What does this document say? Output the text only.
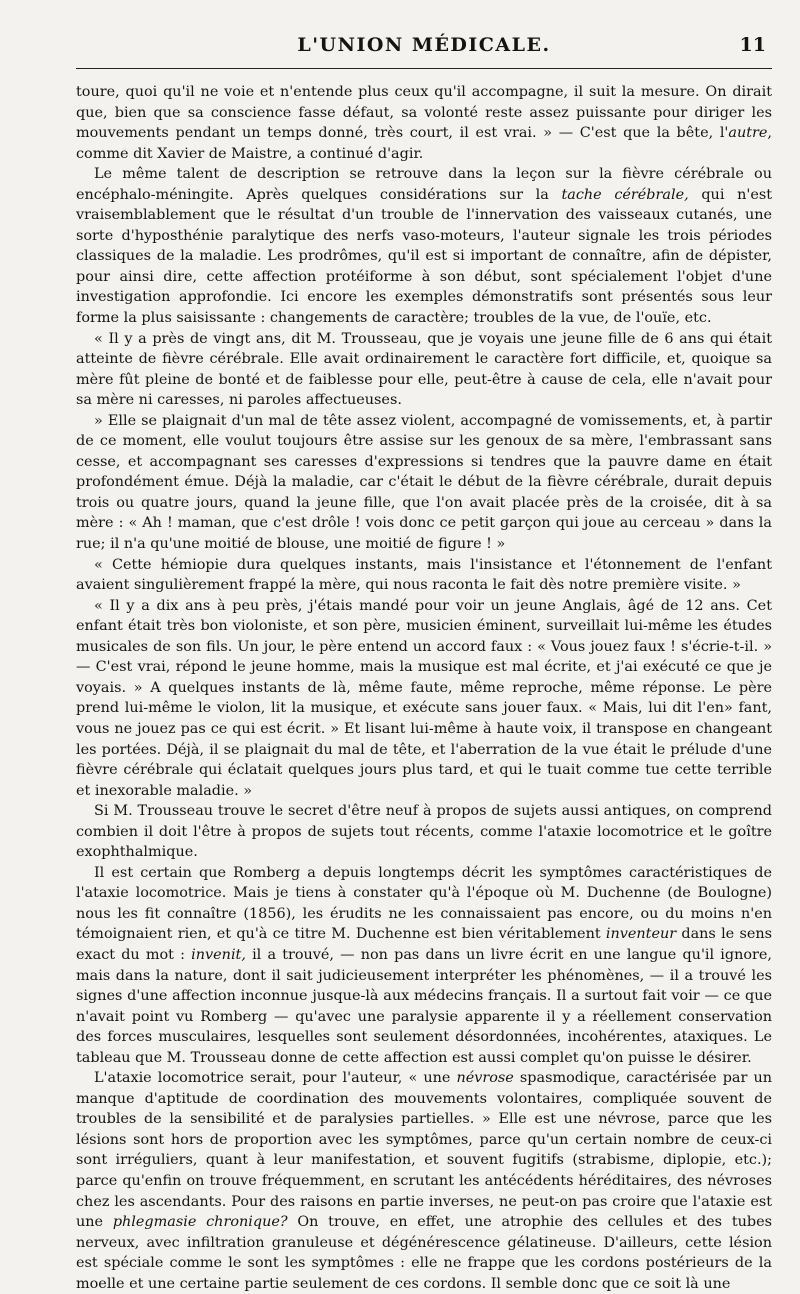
L'UNION MÉDICALE.	11

toure, quoi qu'il ne voie et n'entende plus ceux qu'il accompagne, il suit la mesure. On dirait que, bien que sa conscience fasse défaut, sa volonté reste assez puissante pour diriger les mouvements pendant un temps donné, très court, il est vrai. » — C'est que la bête, l'autre, comme dit Xavier de Maistre, a continué d'agir.

Le même talent de description se retrouve dans la leçon sur la fièvre cérébrale ou encéphalo-méningite. Après quelques considérations sur la tache cérébrale, qui n'est vraisemblablement que le résultat d'un trouble de l'innervation des vaisseaux cutanés, une sorte d'hyposthénie paralytique des nerfs vaso-moteurs, l'auteur signale les trois périodes classiques de la maladie. Les prodrômes, qu'il est si important de connaître, afin de dépister, pour ainsi dire, cette affection protéiforme à son début, sont spécialement l'objet d'une investigation approfondie. Ici encore les exemples démonstratifs sont présentés sous leur forme la plus saisissante : changements de caractère; troubles de la vue, de l'ouïe, etc.

« Il y a près de vingt ans, dit M. Trousseau, que je voyais une jeune fille de 6 ans qui était atteinte de fièvre cérébrale. Elle avait ordinairement le caractère fort difficile, et, quoique sa mère fût pleine de bonté et de faiblesse pour elle, peut-être à cause de cela, elle n'avait pour sa mère ni caresses, ni paroles affectueuses.

» Elle se plaignait d'un mal de tête assez violent, accompagné de vomissements, et, à partir de ce moment, elle voulut toujours être assise sur les genoux de sa mère, l'embrassant sans cesse, et accompagnant ses caresses d'expressions si tendres que la pauvre dame en était profondément émue. Déjà la maladie, car c'était le début de la fièvre cérébrale, durait depuis trois ou quatre jours, quand la jeune fille, que l'on avait placée près de la croisée, dit à sa mère : « Ah ! maman, que c'est drôle ! vois donc ce petit garçon qui joue au cerceau » dans la rue; il n'a qu'une moitié de blouse, une moitié de figure ! »

« Cette hémiopie dura quelques instants, mais l'insistance et l'étonnement de l'enfant avaient singulièrement frappé la mère, qui nous raconta le fait dès notre première visite. »

« Il y a dix ans à peu près, j'étais mandé pour voir un jeune Anglais, âgé de 12 ans. Cet enfant était très bon violoniste, et son père, musicien éminent, surveillait lui-même les études musicales de son fils. Un jour, le père entend un accord faux : « Vous jouez faux ! s'écrie-t-il. » — C'est vrai, répond le jeune homme, mais la musique est mal écrite, et j'ai exécuté ce que je voyais. » A quelques instants de là, même faute, même reproche, même réponse. Le père prend lui-même le violon, lit la musique, et exécute sans jouer faux. « Mais, lui dit l'en» fant, vous ne jouez pas ce qui est écrit. » Et lisant lui-même à haute voix, il transpose en changeant les portées. Déjà, il se plaignait du mal de tête, et l'aberration de la vue était le prélude d'une fièvre cérébrale qui éclatait quelques jours plus tard, et qui le tuait comme tue cette terrible et inexorable maladie. »

Si M. Trousseau trouve le secret d'être neuf à propos de sujets aussi antiques, on comprend combien il doit l'être à propos de sujets tout récents, comme l'ataxie locomotrice et le goître exophthalmique.

Il est certain que Romberg a depuis longtemps décrit les symptômes caractéristiques de l'ataxie locomotrice. Mais je tiens à constater qu'à l'époque où M. Duchenne (de Boulogne) nous les fit connaître (1856), les érudits ne les connaissaient pas encore, ou du moins n'en témoignaient rien, et qu'à ce titre M. Duchenne est bien véritablement inventeur dans le sens exact du mot : invenit, il a trouvé, — non pas dans un livre écrit en une langue qu'il ignore, mais dans la nature, dont il sait judicieusement interpréter les phénomènes, — il a trouvé les signes d'une affection inconnue jusque-là aux médecins français. Il a surtout fait voir — ce que n'avait point vu Romberg — qu'avec une paralysie apparente il y a réellement conservation des forces musculaires, lesquelles sont seulement désordonnées, incohérentes, ataxiques. Le tableau que M. Trousseau donne de cette affection est aussi complet qu'on puisse le désirer.

L'ataxie locomotrice serait, pour l'auteur, « une névrose spasmodique, caractérisée par un manque d'aptitude de coordination des mouvements volontaires, compliquée souvent de troubles de la sensibilité et de paralysies partielles. » Elle est une névrose, parce que les lésions sont hors de proportion avec les symptômes, parce qu'un certain nombre de ceux-ci sont irréguliers, quant à leur manifestation, et souvent fugitifs (strabisme, diplopie, etc.); parce qu'enfin on trouve fréquemment, en scrutant les antécédents héréditaires, des névroses chez les ascendants. Pour des raisons en partie inverses, ne peut-on pas croire que l'ataxie est une phlegmasie chronique? On trouve, en effet, une atrophie des cellules et des tubes nerveux, avec infiltration granuleuse et dégénérescence gélatineuse. D'ailleurs, cette lésion est spéciale comme le sont les symptômes : elle ne frappe que les cordons postérieurs de la moelle et une certaine partie seulement de ces cordons. Il semble donc que ce soit là une
